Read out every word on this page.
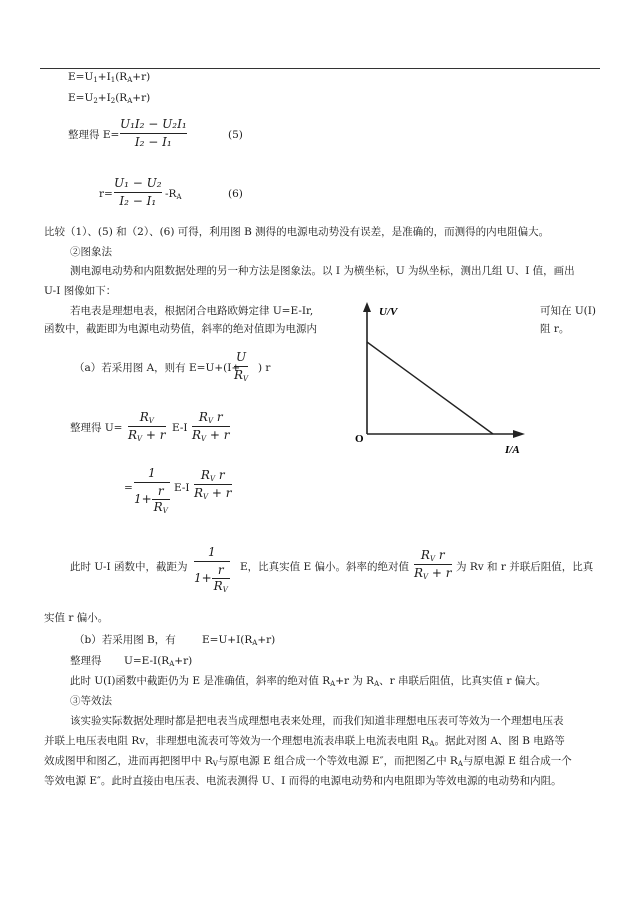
$E=U_1+I_1(R_A+r)$
$E=U_2+I_2(R_A+r)$
整理得 E=
U₁I₂ − U₂I₁
I₂ − I₁	(5)
r=
U₁ − U₂
I₂ − I₁ $-R_A$	(6)
比较（1）、(5) 和（2）、(6) 可得，利用图 B 测得的电源电动势没有误差，是准确的，而测得的内电阻偏大。
②图象法
测电源电动势和内阻数据处理的另一种方法是图象法。以 I 为横坐标，U 为纵坐标，测出几组 U、I 值，画出
U-I 图像如下：
若电表是理想电表，根据闭合电路欧姆定律 U=E-Ir,	可知在 U(I)
函数中，截距即为电源电动势值，斜率的绝对值即为电源内	阻 r。
（a）若采用图 A，则有 E=U+(I+
U
$R_V$
) r
整理得 U=
$R_V$
$R_V + r$ E-I
$R_V$ r
$R_V + r$
=
1
$1+ \frac{r}{R_V} E-I$
$R_V$ r
$R_V + r$
此时 U-I 函数中，截距为
1
$1+ \frac{r}{R_V}$ E，比真实值 E 偏小。斜率的绝对值
$R_V$ r
$R_V + r$ 为 Rv 和 r 并联后阻值，比真
实值 r 偏小。
（b）若采用图 B，有 $E=U+I(R_A+r)$
整理得 $U=E-I(R_A+r)$
此时 U(I)函数中截距仍为 E 是准确值，斜率的绝对值 $R_A+r$ 为 $R_A$、r 串联后阻值，比真实值 r 偏大。
③等效法
该实验实际数据处理时都是把电表当成理想电表来处理，而我们知道非理想电压表可等效为一个理想电压表
并联上电压表电阻 Rv，非理想电流表可等效为一个理想电流表串联上电流表电阻 $R_A$。据此对图 A、图 B 电路等
效成图甲和图乙，进而再把图甲中 $R_V$与原电源 E 组合成一个等效电源 E″，而把图乙中 $R_A$与原电源 E 组合成一个
等效电源 E″。此时直接由电压表、电流表测得 U、I 而得的电源电动势和内电阻即为等效电源的电动势和内阻。
U/V
I/A
O
